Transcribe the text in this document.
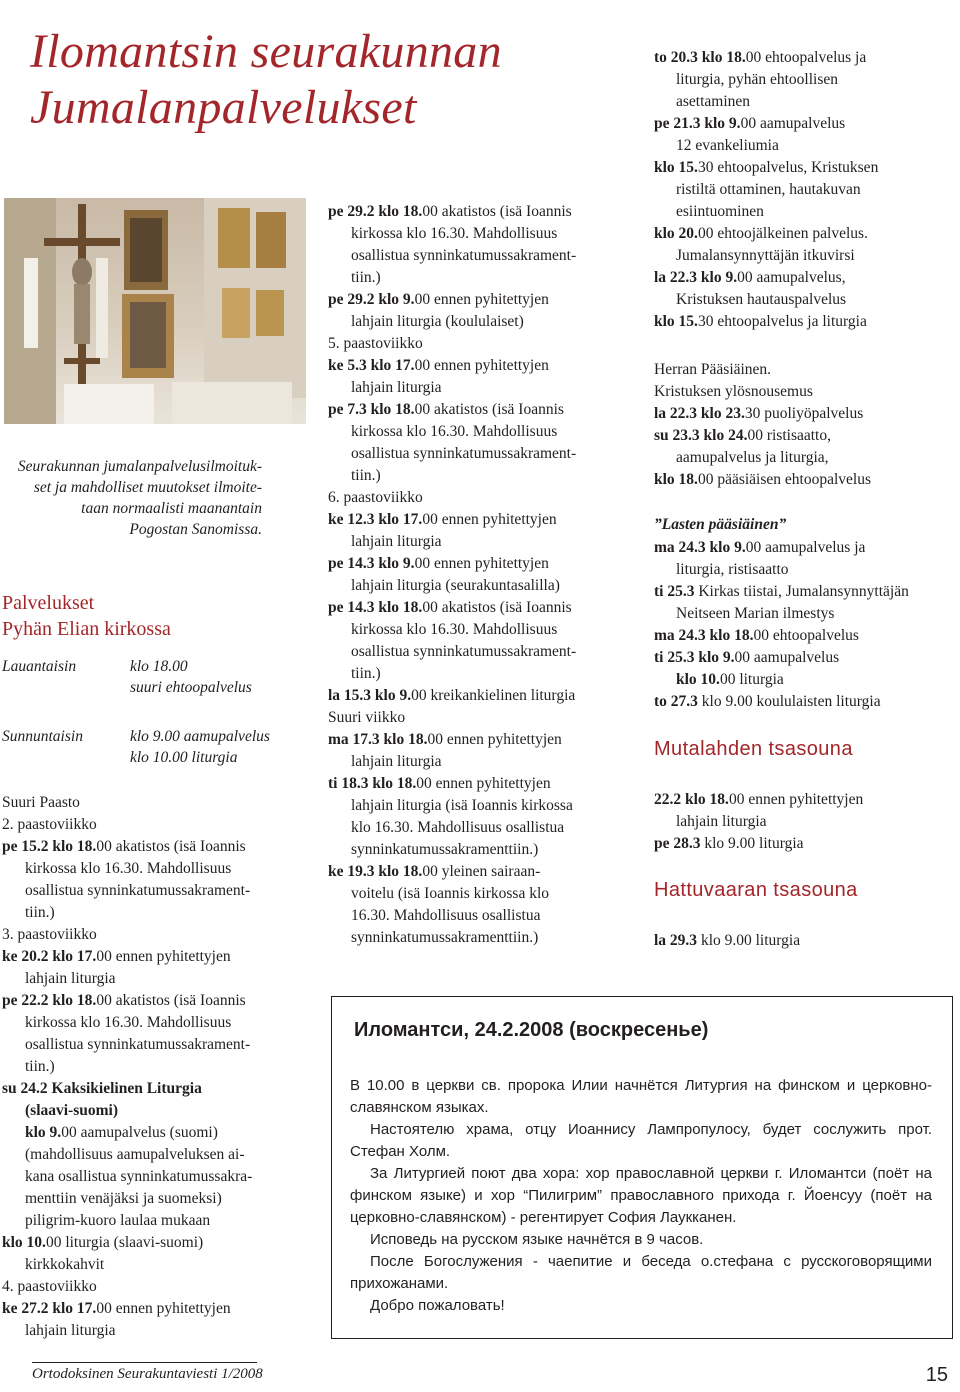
Ilomantsin seurakunnan
Jumalanpalvelukset
Seurakunnan jumalanpalvelusilmoituk-
set ja mahdolliset muutokset ilmoite-
taan normaalisti maanantain
Pogostan Sanomissa.
Palvelukset
Pyhän Elian kirkossa
Lauantaisin	klo 18.00
suuri ehtoopalvelus
Sunnuntaisin	klo 9.00 aamupalvelus
klo 10.00 liturgia
Suuri Paasto
2. paastoviikko
pe 15.2 klo 18.00 akatistos (isä Ioannis
kirkossa klo 16.30. Mahdollisuus
osallistua synninkatumussakrament-
tiin.)
3. paastoviikko
ke 20.2 klo 17.00 ennen pyhitettyjen
lahjain liturgia
pe 22.2 klo 18.00 akatistos (isä Ioannis
kirkossa klo 16.30. Mahdollisuus
osallistua synninkatumussakrament-
tiin.)
su 24.2 Kaksikielinen Liturgia
(slaavi-suomi)
klo 9.00 aamupalvelus (suomi)
(mahdollisuus aamupalveluksen ai-
kana osallistua synninkatumussakra-
menttiin venäjäksi ja suomeksi)
piligrim-kuoro laulaa mukaan
klo 10.00 liturgia (slaavi-suomi)
kirkkokahvit
4. paastoviikko
ke 27.2 klo 17.00 ennen pyhitettyjen
lahjain liturgia
pe 29.2 klo 18.00 akatistos (isä Ioannis
kirkossa klo 16.30. Mahdollisuus
osallistua synninkatumussakrament-
tiin.)
pe 29.2 klo 9.00 ennen pyhitettyjen
lahjain liturgia (koululaiset)
5. paastoviikko
ke 5.3 klo 17.00 ennen pyhitettyjen
lahjain liturgia
pe 7.3 klo 18.00 akatistos (isä Ioannis
kirkossa klo 16.30. Mahdollisuus
osallistua synninkatumussakrament-
tiin.)
6. paastoviikko
ke 12.3 klo 17.00 ennen pyhitettyjen
lahjain liturgia
pe 14.3 klo 9.00 ennen pyhitettyjen
lahjain liturgia (seurakuntasalilla)
pe 14.3 klo 18.00 akatistos (isä Ioannis
kirkossa klo 16.30. Mahdollisuus
osallistua synninkatumussakrament-
tiin.)
la 15.3 klo 9.00 kreikankielinen liturgia
Suuri viikko
ma 17.3 klo 18.00 ennen pyhitettyjen
lahjain liturgia
ti 18.3 klo 18.00 ennen pyhitettyjen
lahjain liturgia (isä Ioannis kirkossa
klo 16.30. Mahdollisuus osallistua
synninkatumussakramenttiin.)
ke 19.3 klo 18.00 yleinen sairaan-
voitelu (isä Ioannis kirkossa klo
16.30. Mahdollisuus osallistua
synninkatumussakramenttiin.)
to 20.3 klo 18.00 ehtoopalvelus ja
liturgia, pyhän ehtoollisen
asettaminen
pe 21.3 klo 9.00 aamupalvelus
12 evankeliumia
klo 15.30 ehtoopalvelus, Kristuksen
ristiltä ottaminen, hautakuvan
esiintuominen
klo 20.00 ehtoojälkeinen palvelus.
Jumalansynnyttäjän itkuvirsi
la 22.3 klo 9.00 aamupalvelus,
Kristuksen hautauspalvelus
klo 15.30 ehtoopalvelus ja liturgia
Herran Pääsiäinen.
Kristuksen ylösnousemus
la 22.3 klo 23.30 puoliyöpalvelus
su 23.3 klo 24.00 ristisaatto,
aamupalvelus ja liturgia,
klo 18.00 pääsiäisen ehtoopalvelus
”Lasten pääsiäinen”
ma 24.3 klo 9.00 aamupalvelus ja
liturgia, ristisaatto
ti 25.3 Kirkas tiistai, Jumalansynnyttäjän
Neitseen Marian ilmestys
ma 24.3 klo 18.00 ehtoopalvelus
ti 25.3 klo 9.00 aamupalvelus
klo 10.00 liturgia
to 27.3 klo 9.00 koululaisten liturgia
Mutalahden tsasouna
22.2 klo 18.00 ennen pyhitettyjen
lahjain liturgia
pe 28.3 klo 9.00 liturgia
Hattuvaaran tsasouna
la 29.3 klo 9.00 liturgia
Иломантси, 24.2.2008 (воскресенье)

В 10.00 в церкви св. пророка Илии начнётся Литургия на финском и церковно-славянском языках.

Настоятелю храма, отцу Иоаннису Лампропулосу, будет сослужить прот. Стефан Холм.

За Литургией поют два хора: хор православной церкви г. Иломантси (поёт на финском языке) и хор “Пилигрим” православного прихода г. Йоенсуу (поёт на церковно-славянском) - регентирует София Лаукканен.

Исповедь на русском языке начнётся в 9 часов.

После Богослужения - чаепитие и беседа о.стефана с русскоговорящими прихожанами.

Добро пожаловать!

Ortodoksinen Seurakuntaviesti 1/2008	15
